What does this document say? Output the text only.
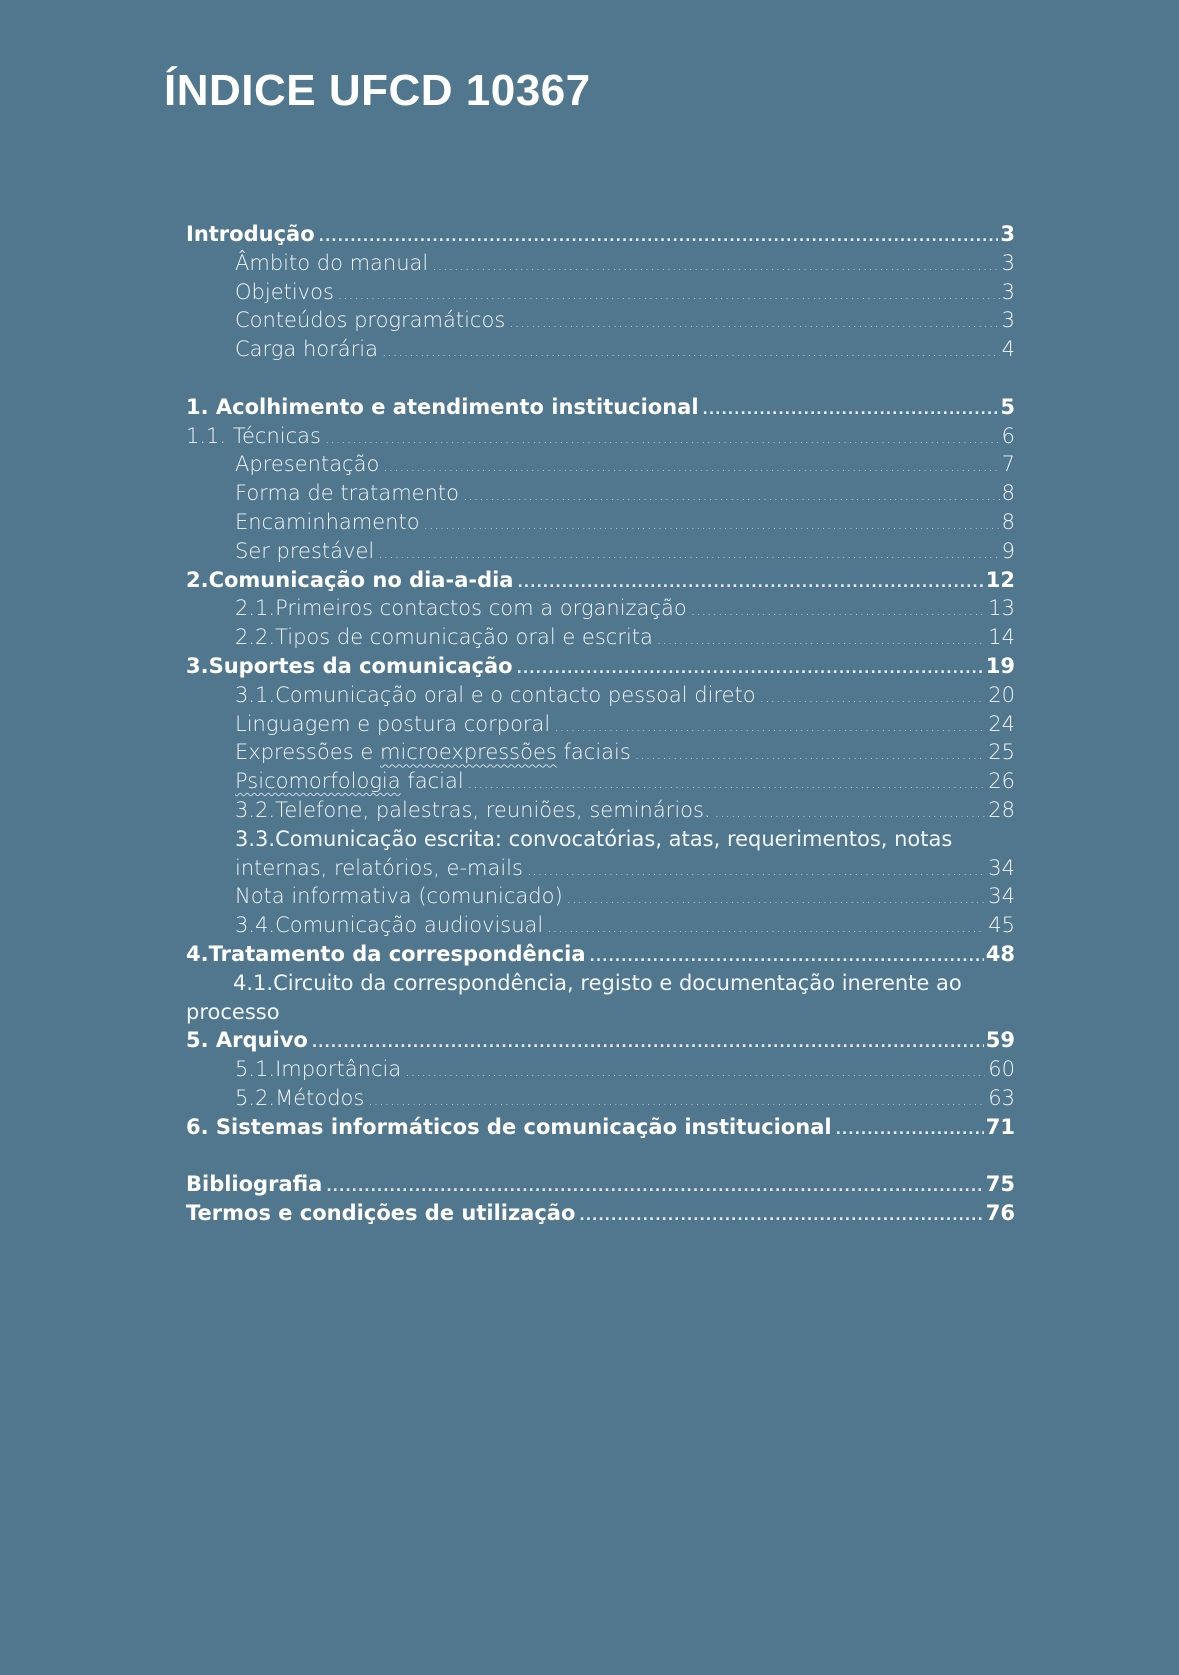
ÍNDICE UFCD 10367
Introdução .....	3
Âmbito do manual .....	3
Objetivos .....	3
Conteúdos programáticos .....	3
Carga horária .....	4
1. Acolhimento e atendimento institucional .....	5
1.1. Técnicas .....	6
Apresentação .....	7
Forma de tratamento .....	8
Encaminhamento .....	8
Ser prestável .....	9
2.Comunicação no dia-a-dia .....	12
2.1.Primeiros contactos com a organização .....	13
2.2.Tipos de comunicação oral e escrita .....	14
3.Suportes da comunicação .....	19
3.1.Comunicação oral e o contacto pessoal direto .....	20
Linguagem e postura corporal .....	24
Expressões e microexpressões faciais .....	25
Psicomorfologia facial .....	26
3.2.Telefone, palestras, reuniões, seminários. .....	28
3.3.Comunicação escrita: convocatórias, atas, requerimentos, notas
internas, relatórios, e-mails .....	34
Nota informativa (comunicado) .....	34
3.4.Comunicação audiovisual .....	45
4.Tratamento da correspondência .....	48
4.1.Circuito da correspondência, registo e documentação inerente ao
processo
5. Arquivo .....	59
5.1.Importância .....	60
5.2.Métodos .....	63
6. Sistemas informáticos de comunicação institucional .....	71
Bibliografia .....	75
Termos e condições de utilização .....	76
